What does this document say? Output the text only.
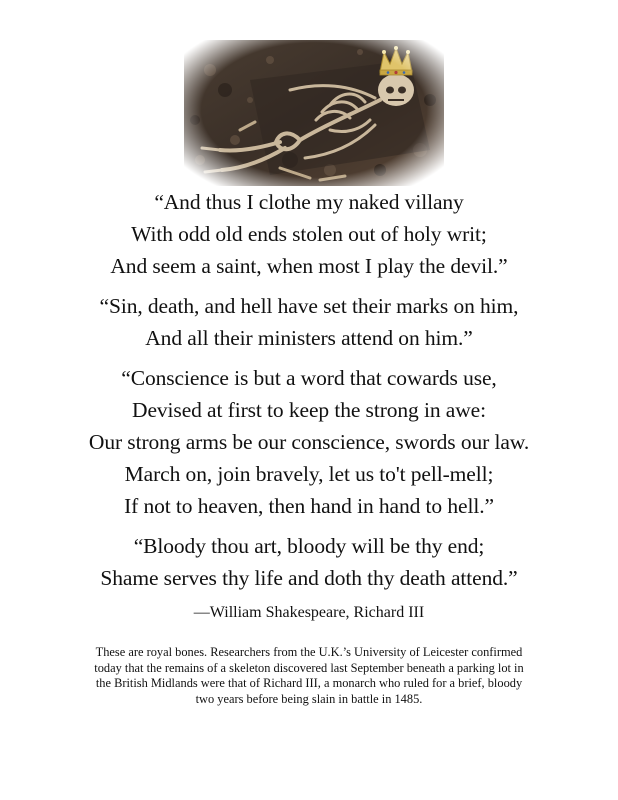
“And thus I clothe my naked villany
With odd old ends stolen out of holy writ;
And seem a saint, when most I play the devil.”

“Sin, death, and hell have set their marks on him,
And all their ministers attend on him.”

“Conscience is but a word that cowards use,
Devised at first to keep the strong in awe:
Our strong arms be our conscience, swords our law.
March on, join bravely, let us to't pell-mell;
If not to heaven, then hand in hand to hell.”

“Bloody thou art, bloody will be thy end;
Shame serves thy life and doth thy death attend.”

—William Shakespeare, Richard III
These are royal bones. Researchers from the U.K.’s University of Leicester confirmed today that the remains of a skeleton discovered last September beneath a parking lot in the British Midlands were that of Richard III, a monarch who ruled for a brief, bloody two years before being slain in battle in 1485.
